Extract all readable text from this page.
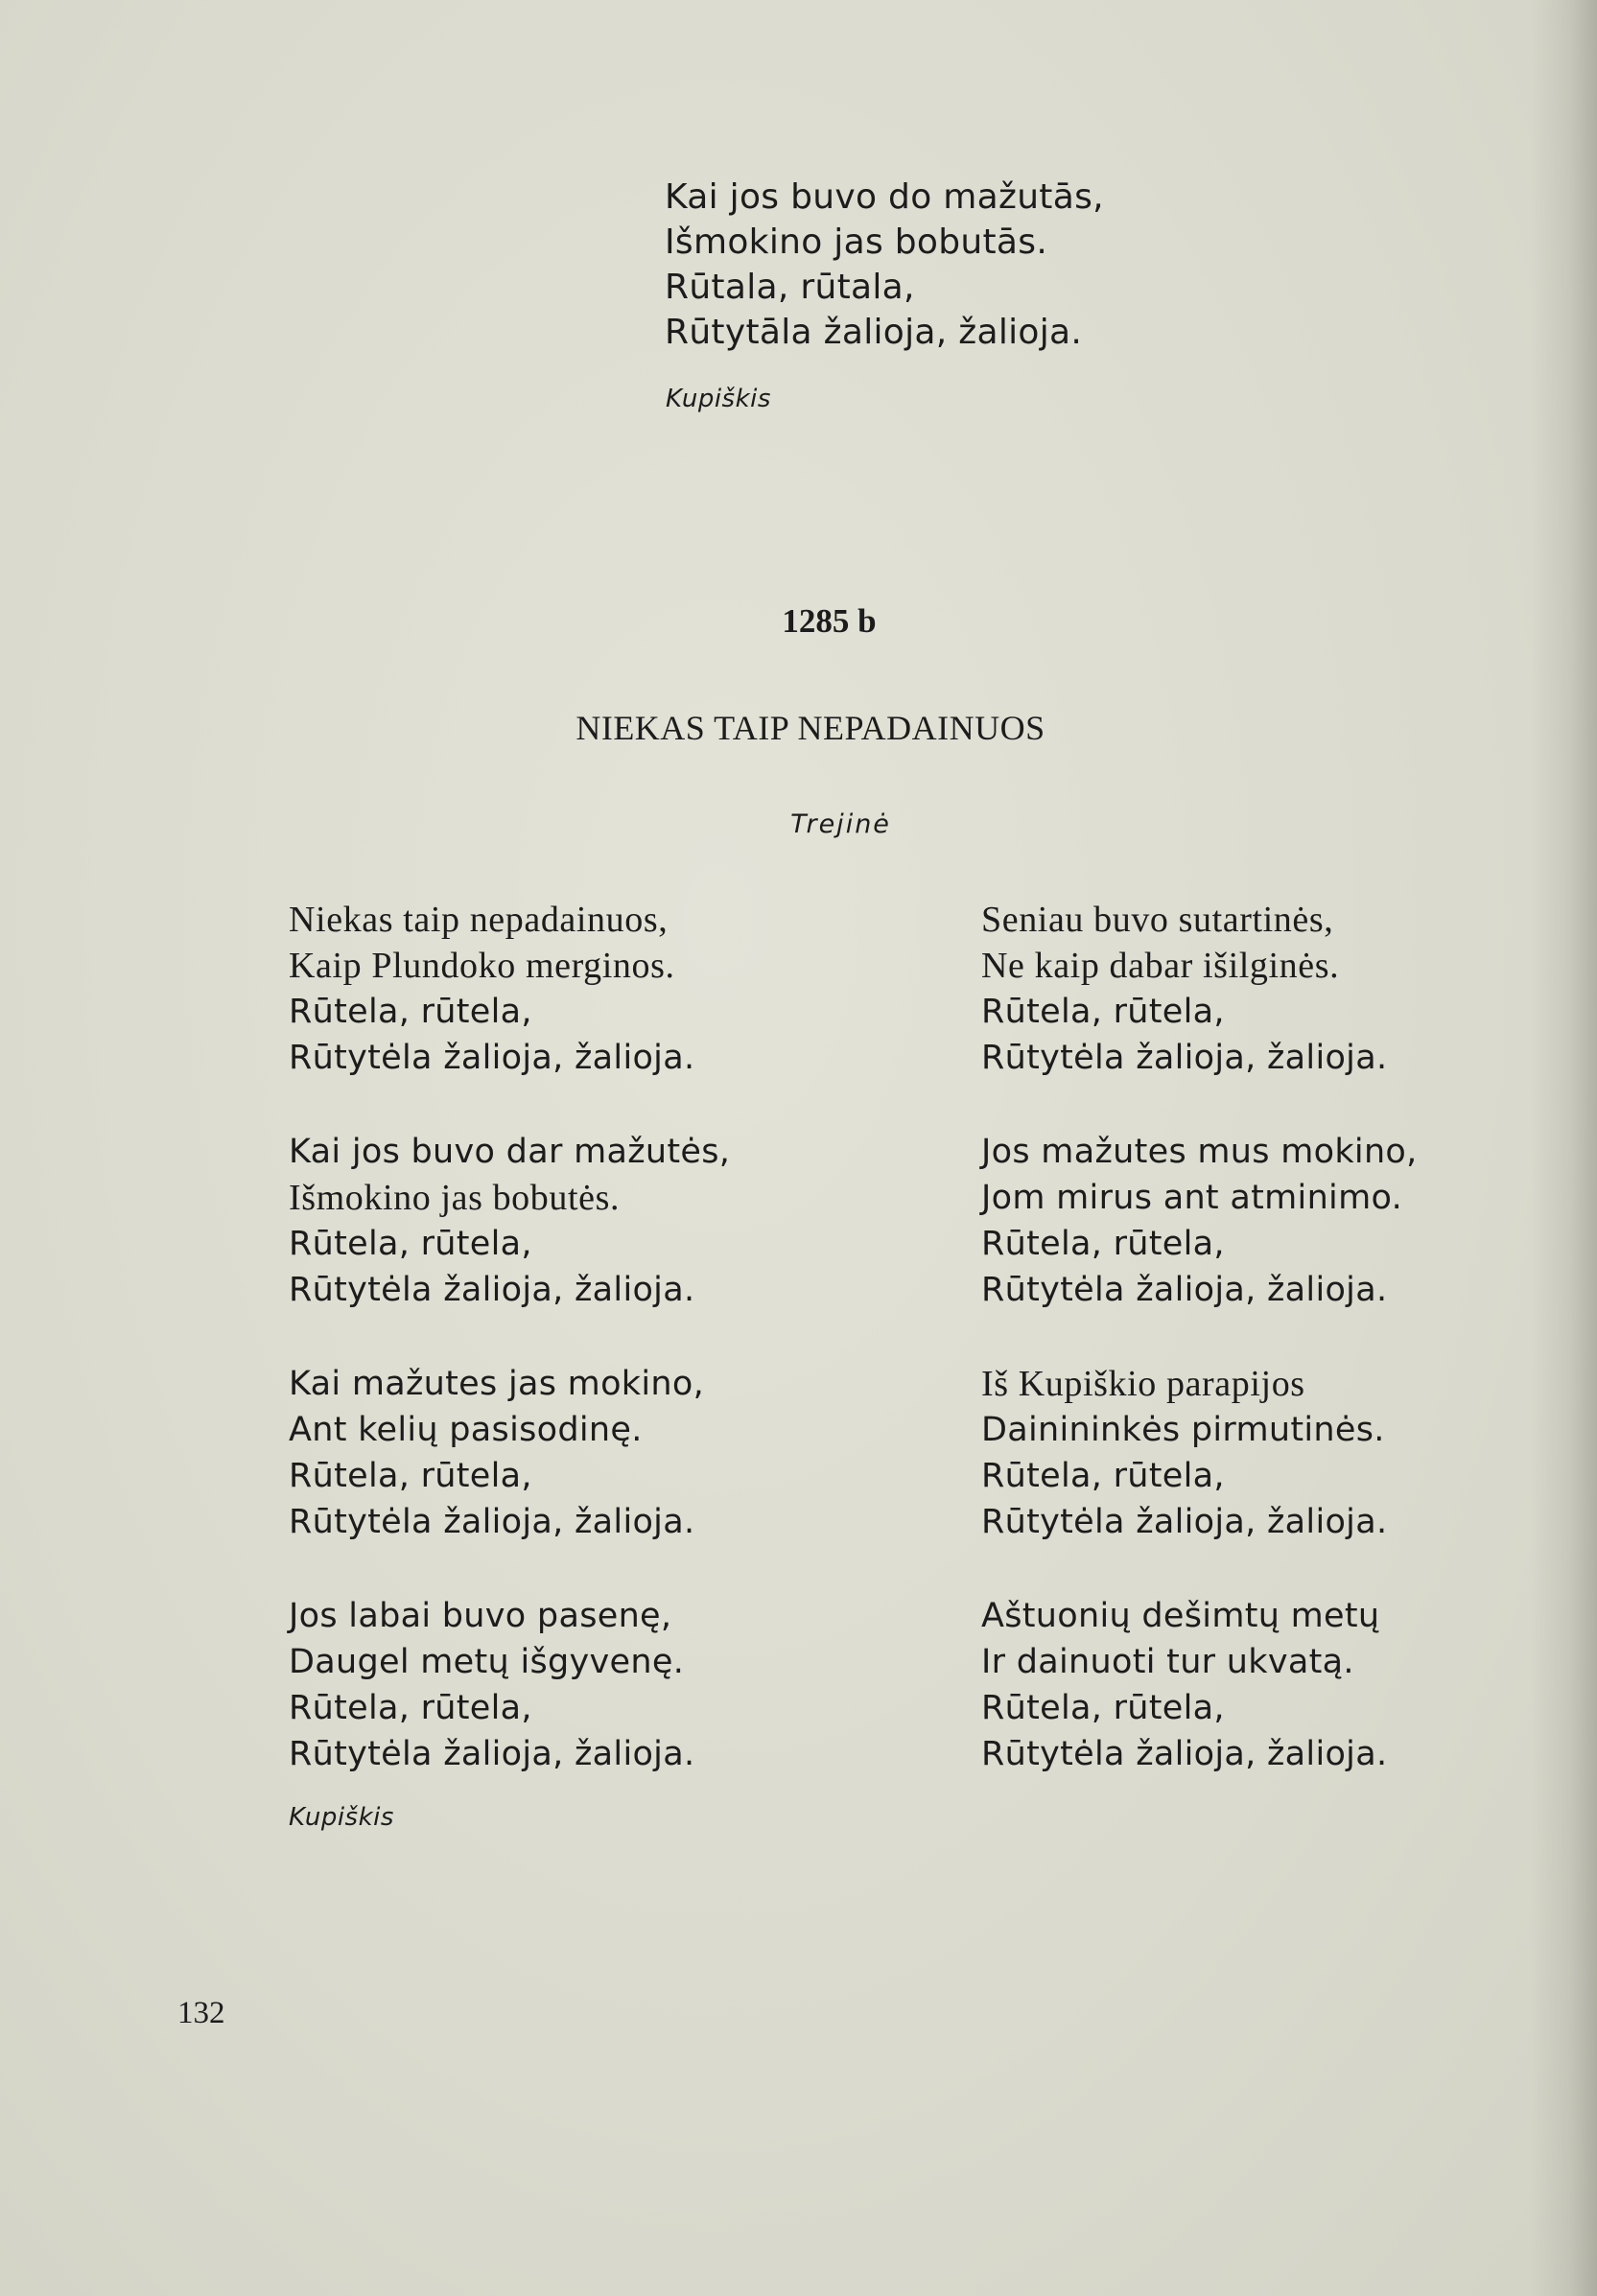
Kai jos buvo do mažutās,
Išmokino jas bobutās.
Rūtala, rūtala,
Rūtytāla žalioja, žalioja.
Kupiškis
1285 b
NIEKAS TAIP NEPADAINUOS
Trejinė
Niekas taip nepadainuos,
Kaip Plundoko merginos.
Rūtela, rūtela,
Rūtytėla žalioja, žalioja.
Kai jos buvo dar mažutės,
Išmokino jas bobutės.
Rūtela, rūtela,
Rūtytėla žalioja, žalioja.
Kai mažutes jas mokino,
Ant kelių pasisodinę.
Rūtela, rūtela,
Rūtytėla žalioja, žalioja.
Jos labai buvo pasenę,
Daugel metų išgyvenę.
Rūtela, rūtela,
Rūtytėla žalioja, žalioja.
Seniau buvo sutartinės,
Ne kaip dabar išilginės.
Rūtela, rūtela,
Rūtytėla žalioja, žalioja.
Jos mažutes mus mokino,
Jom mirus ant atminimo.
Rūtela, rūtela,
Rūtytėla žalioja, žalioja.
Iš Kupiškio parapijos
Dainininkės pirmutinės.
Rūtela, rūtela,
Rūtytėla žalioja, žalioja.
Aštuonių dešimtų metų
Ir dainuoti tur ukvatą.
Rūtela, rūtela,
Rūtytėla žalioja, žalioja.
Kupiškis
132
